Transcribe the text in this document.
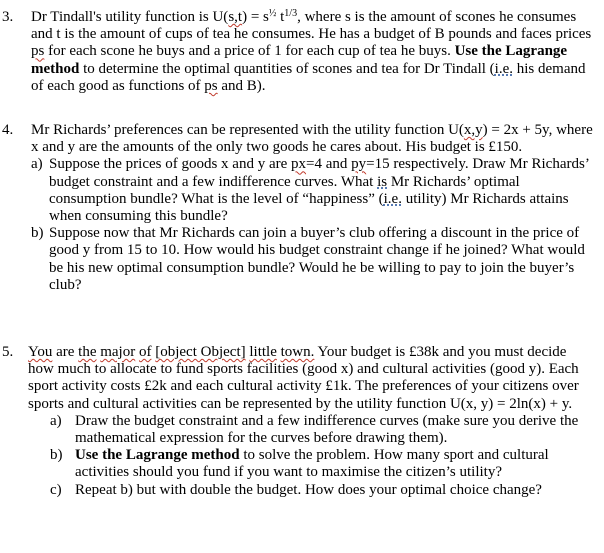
3. Dr Tindall's utility function is $U(s,t) = s^{\frac{1}{2}}$ $t^{1/3}$, where s is the amount of scones he consumes and t is the amount of cups of tea he consumes. He has a budget of B pounds and faces prices ps for each scone he buys and a price of 1 for each cup of tea he buys. Use the Lagrange method to determine the optimal quantities of scones and tea for Dr Tindall (i.e. his demand of each good as functions of ps and B).
4. Mr Richards’ preferences can be represented with the utility function U(x,y) = 2x + 5y, where x and y are the amounts of the only two goods he cares about. His budget is £150.
a) Suppose the prices of goods x and y are px=4 and py=15 respectively. Draw Mr Richards’ budget constraint and a few indifference curves. What is Mr Richards’ optimal consumption bundle? What is the level of “happiness” (i.e. utility) Mr Richards attains when consuming this bundle?
b) Suppose now that Mr Richards can join a buyer’s club offering a discount in the price of good y from 15 to 10. How would his budget constraint change if he joined? What would be his new optimal consumption bundle? Would he be willing to pay to join the buyer’s club?
5. You are the major of [object Object] little town. Your budget is £38k and you must decide how much to allocate to fund sports facilities (good x) and cultural activities (good y). Each sport activity costs £2k and each cultural activity £1k. The preferences of your citizens over sports and cultural activities can be represented by the utility function U(x, y) = 2ln(x) + y.
a) Draw the budget constraint and a few indifference curves (make sure you derive the mathematical expression for the curves before drawing them).
b) Use the Lagrange method to solve the problem. How many sport and cultural activities should you fund if you want to maximise the citizen’s utility?
c) Repeat b) but with double the budget. How does your optimal choice change?
